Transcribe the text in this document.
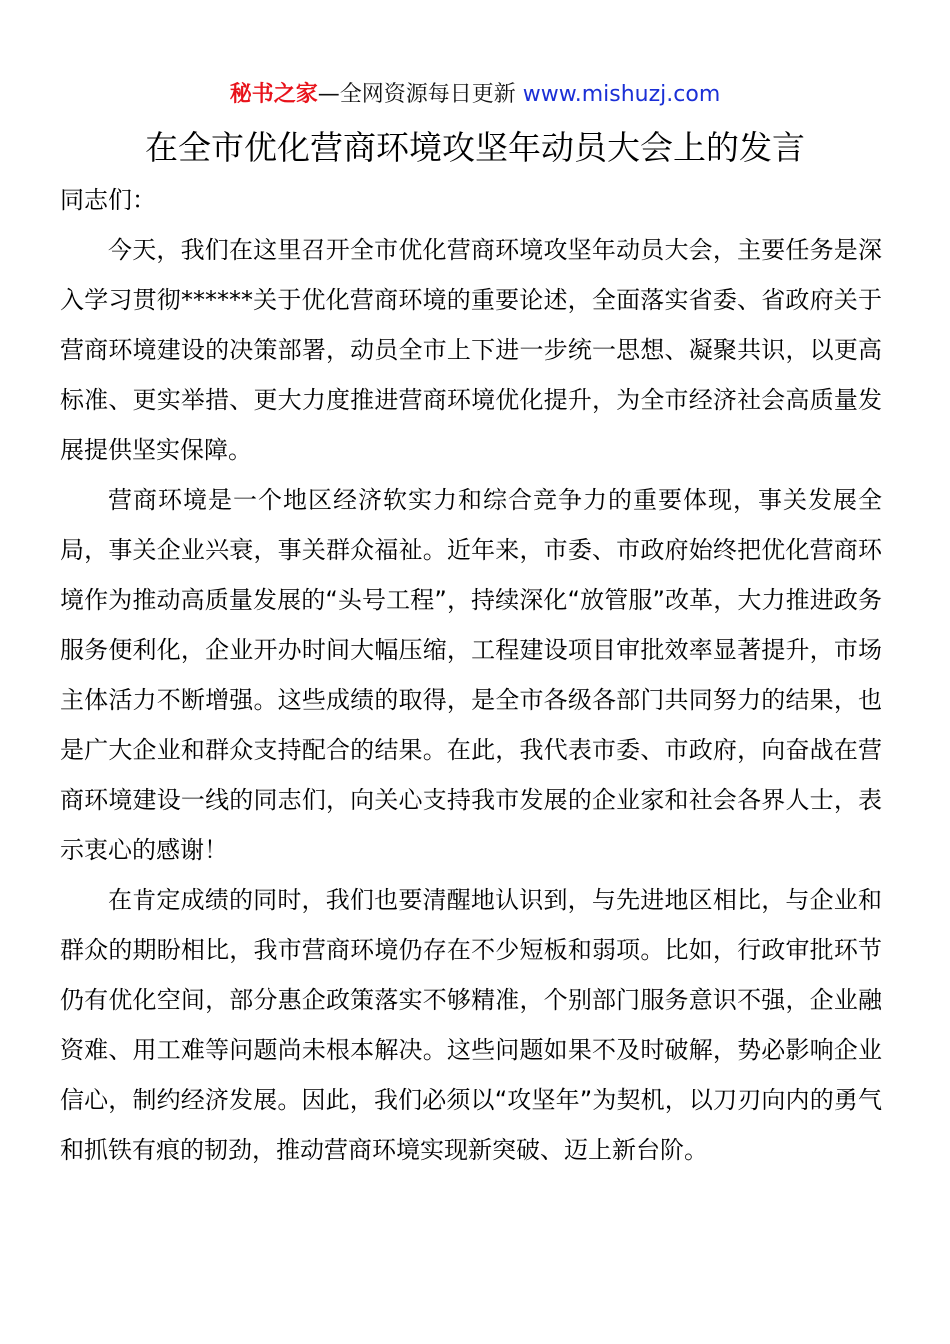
秘书之家—全网资源每日更新 www.mishuzj.com
在全市优化营商环境攻坚年动员大会上的发言

同志们：

今天，我们在这里召开全市优化营商环境攻坚年动员大会，主要任务是深入学习贯彻******关于优化营商环境的重要论述，全面落实省委、省政府关于营商环境建设的决策部署，动员全市上下进一步统一思想、凝聚共识，以更高标准、更实举措、更大力度推进营商环境优化提升，为全市经济社会高质量发展提供坚实保障。

营商环境是一个地区经济软实力和综合竞争力的重要体现，事关发展全局，事关企业兴衰，事关群众福祉。近年来，市委、市政府始终把优化营商环境作为推动高质量发展的“头号工程”，持续深化“放管服”改革，大力推进政务服务便利化，企业开办时间大幅压缩，工程建设项目审批效率显著提升，市场主体活力不断增强。这些成绩的取得，是全市各级各部门共同努力的结果，也是广大企业和群众支持配合的结果。在此，我代表市委、市政府，向奋战在营商环境建设一线的同志们，向关心支持我市发展的企业家和社会各界人士，表示衷心的感谢！

在肯定成绩的同时，我们也要清醒地认识到，与先进地区相比，与企业和群众的期盼相比，我市营商环境仍存在不少短板和弱项。比如，行政审批环节仍有优化空间，部分惠企政策落实不够精准，个别部门服务意识不强，企业融资难、用工难等问题尚未根本解决。这些问题如果不及时破解，势必影响企业信心，制约经济发展。因此，我们必须以“攻坚年”为契机，以刀刃向内的勇气和抓铁有痕的韧劲，推动营商环境实现新突破、迈上新台阶。
